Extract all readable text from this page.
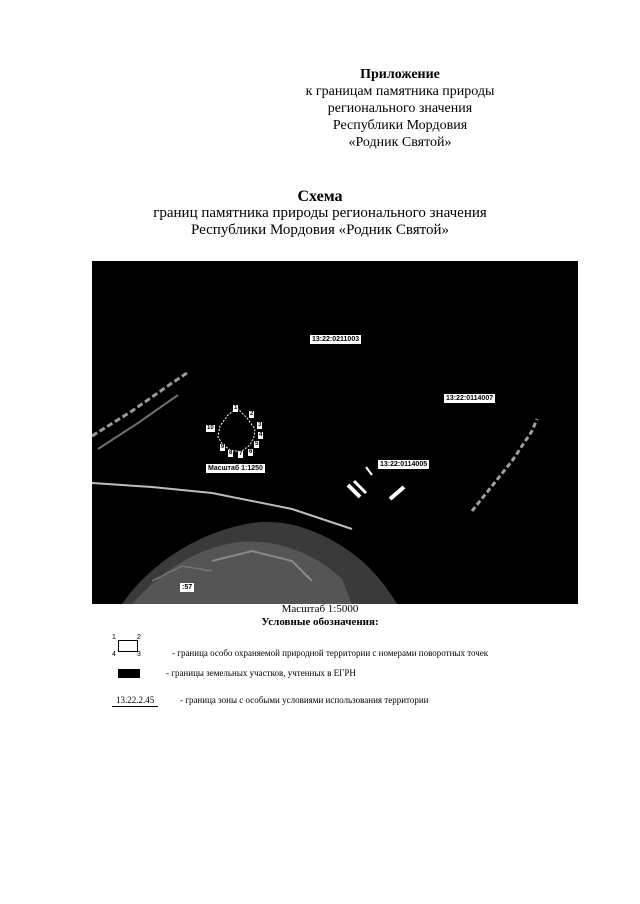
Приложение
к границам памятника природы
регионального значения
Республики Мордовия
«Родник Святой»
Схема
границ памятника природы регионального значения
Республики Мордовия «Родник Святой»
13:22:0211003
13:22:0114007
13:22:0114005
:57
Масштаб 1:1250
1
2
3
4
5
6
7
8
9
10
Масштаб 1:5000
Условные обозначения:
1	2
4	3	- граница особо охраняемой природной территории с номерами поворотных точек
- границы земельных участков, учтенных в ЕГРН
13.22.2.45	- граница зоны с особыми условиями использования территории
